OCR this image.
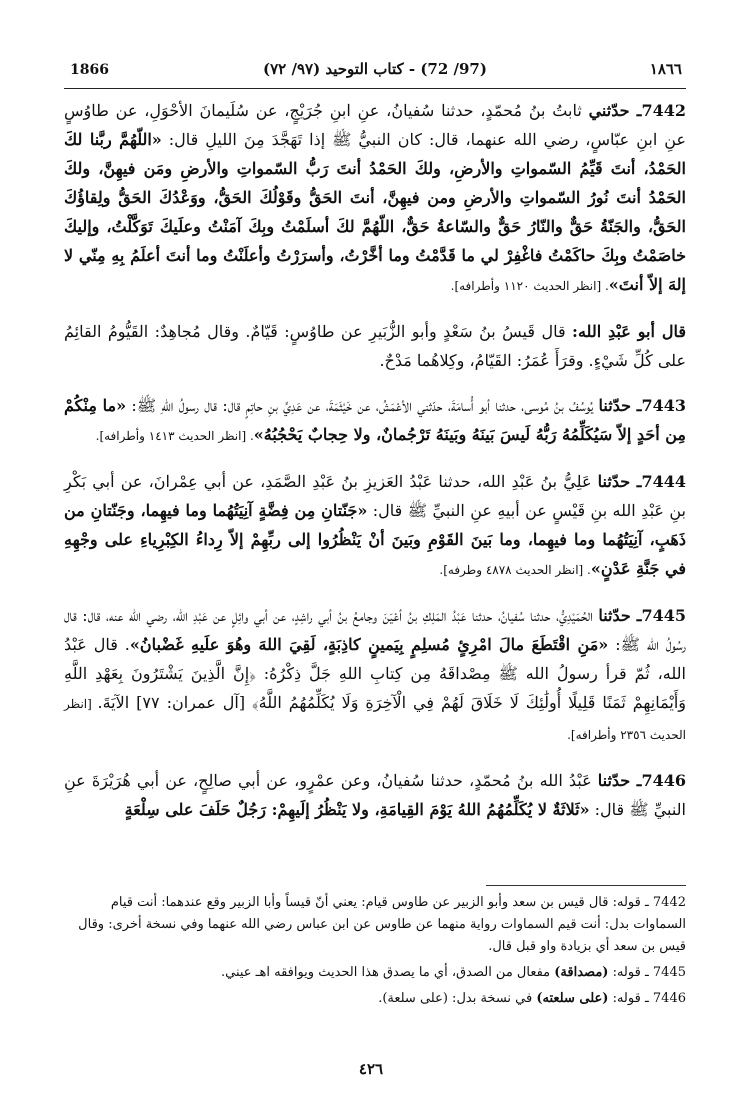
1866	(97/ 72) - كتاب التوحيد (٩٧/ ٧٢)	١٨٦٦

7442ـ حدّثني ثابتُ بنُ مُحمّدٍ، حدثنا سُفيانُ، عنِ ابنِ جُرَيْجٍ، عن سُلَيمانَ الأحْوَلِ، عن طاوُسٍ عنِ ابنِ عبّاسٍ، رضي الله عنهما، قال: كان النبيُّ ﷺ إذا تَهَجَّدَ مِنَ الليلِ قال: «اللّهُمَّ ربَّنا لكَ الحَمْدُ، أنتَ قَيِّمُ السّمواتِ والأرضِ، ولكَ الحَمْدُ أنتَ رَبُّ السّمواتِ والأرضِ ومَن فيهِنَّ، ولكَ الحَمْدُ أنتَ نُورُ السّمواتِ والأرضِ ومن فيهِنَّ، أنتَ الحَقُّ وقَوْلُكَ الحَقُّ، ووَعْدُكَ الحَقُّ ولِقاؤُكَ الحَقُّ، والجَنّةُ حَقٌّ والنّارُ حَقٌّ والسّاعةُ حَقٌّ، اللّهُمَّ لكَ أسلَمْتُ وبِكَ آمَنْتُ وعلَيكَ تَوَكَّلْتُ، وإليكَ خاصَمْتُ وبِكَ حاكَمْتُ فاغْفِرْ لي ما قَدَّمْتُ وما أخَّرْتُ، وأسرَرْتُ وأعلَنْتُ وما أنتَ أعلَمُ بِهِ مِنّي لا إلهَ إلاّ أنتَ». [انظر الحديث ١١٢٠ وأطرافه].

قال أبو عَبْدِ الله: قال قَيسُ بنُ سَعْدٍ وأبو الزُّبَيرِ عن طاوُسٍ: قَيّامٌ. وقال مُجاهِدٌ: القَيُّومُ القائِمُ على كُلِّ شَيْءٍ. وقرَأَ عُمَرُ: القَيّامُ، وكِلاهُما مَدْحٌ.

7443ـ حدّثنا يُوسُفُ بنُ مُوسى، حدثنا أبو أُسامَةَ، حدّثني الأعْمَشُ، عن خَيْثَمَةَ، عن عَدِيِّ بنِ حاتِمٍ قال: قال رسولُ اللهِ ﷺ: «ما مِنْكُمْ مِن أحَدٍ إلاّ سَيُكَلِّمُهُ رَبُّهُ لَيسَ بَينَهُ وبَينَهُ تَرْجُمانٌ، ولا حِجابٌ يَحْجُبُهُ». [انظر الحديث ١٤١٣ وأطرافه].

7444ـ حدّثنا عَلِيُّ بنُ عَبْدِ الله، حدثنا عَبْدُ العَزيزِ بنُ عَبْدِ الصَّمَدِ، عن أبي عِمْرانَ، عن أبي بَكْرِ بنِ عَبْدِ الله بنِ قَيْسٍ عن أبيهِ عنِ النبيِّ ﷺ قال: «جَنّتانِ مِن فِضَّةٍ آنِيَتُهُما وما فيهِما، وجَنّتانِ من ذَهَبٍ، آنِيَتُهُما وما فيهِما، وما بَينَ القَوْمِ وبَينَ أنْ يَنْظُرُوا إلى ربِّهِمْ إلاّ رِداءُ الكِبْرِياءِ على وجْهِهِ في جَنَّةِ عَدْنٍ». [انظر الحديث ٤٨٧٨ وطرفه].

7445ـ حدّثنا الحُمَيْدِيُّ، حدثنا سُفيانُ، حدثنا عَبْدُ المَلِكِ بنُ أعْيَنَ وجامعُ بنُ أبي راشِدٍ، عن أبي وائِلٍ عن عَبْدِ الله، رضي الله عنه، قال: قال رسُولُ الله ﷺ: «مَنِ اقْتَطَعَ مالَ امْرِئٍ مُسلِمٍ بِيَمينٍ كاذِبَةٍ، لَقِيَ اللهَ وهُوَ علَيهِ غَضْبانُ». قال عَبْدُ الله، ثُمّ قرأ رسولُ الله ﷺ مِصْداقَهُ مِن كِتابِ اللهِ جَلَّ ذِكْرُهُ: ﴿إِنَّ الَّذِينَ يَشْتَرُونَ بِعَهْدِ اللَّهِ وَأَيْمَانِهِمْ ثَمَنًا قَلِيلًا أُولَٰئِكَ لَا خَلَاقَ لَهُمْ فِي الْآخِرَةِ وَلَا يُكَلِّمُهُمُ اللَّهُ﴾ [آل عمران: ٧٧] الآيَةَ. [انظر الحديث ٢٣٥٦ وأطرافه].

7446ـ حدّثنا عَبْدُ الله بنُ مُحمّدٍ، حدثنا سُفيانُ، وعن عمْرٍو، عن أبي صالِحٍ، عن أبي هُرَيْرَةَ عنِ النبيِّ ﷺ قال: «ثَلاثَةٌ لا يُكَلِّمُهُمُ اللهُ يَوْمَ القِيامَةِ، ولا يَنْظُرُ إلَيهِمْ: رَجُلٌ حَلَفَ على سِلْعَةٍ

7442 ـ قوله: قال قيس بن سعد وأبو الزبير عن طاوس قيام: يعني أنّ قيساً وأبا الزبير وقع عندهما: أنت قيام السماوات بدل: أنت قيم السماوات رواية منهما عن طاوس عن ابن عباس رضي الله عنهما وفي نسخة أخرى: وقال قيس بن سعد أي بزيادة واو قبل قال.

7445 ـ قوله: (مصداقة) مفعال من الصدق، أي ما يصدق هذا الحديث ويوافقه اهـ عيني.

7446 ـ قوله: (على سلعته) في نسخة بدل: (على سلعة).

٤٢٦
